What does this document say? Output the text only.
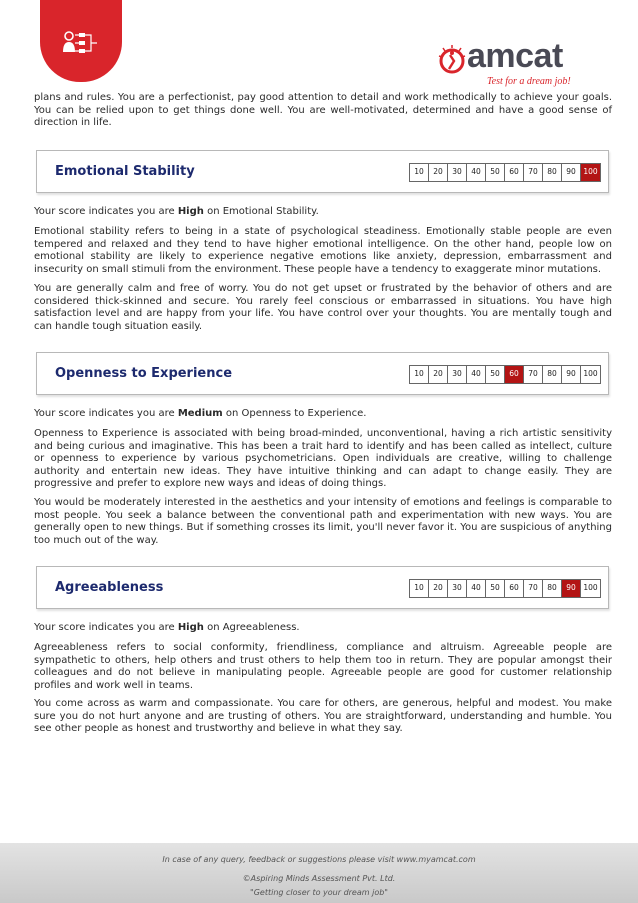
amcat
Test for a dream job!

plans and rules. You are a perfectionist, pay good attention to detail and work methodically to achieve your goals. You can be relied upon to get things done well. You are well-motivated, determined and have a good sense of direction in life.

Emotional Stability	10	20	30	40	50	60	70	80	90	100

Your score indicates you are High on Emotional Stability.

Emotional stability refers to being in a state of psychological steadiness. Emotionally stable people are even tempered and relaxed and they tend to have higher emotional intelligence. On the other hand, people low on emotional stability are likely to experience negative emotions like anxiety, depression, embarrassment and insecurity on small stimuli from the environment. These people have a tendency to exaggerate minor mutations.

You are generally calm and free of worry. You do not get upset or frustrated by the behavior of others and are considered thick-skinned and secure. You rarely feel conscious or embarrassed in situations. You have high satisfaction level and are happy from your life. You have control over your thoughts. You are mentally tough and can handle tough situation easily.

Openness to Experience	10	20	30	40	50	60	70	80	90	100

Your score indicates you are Medium on Openness to Experience.

Openness to Experience is associated with being broad-minded, unconventional, having a rich artistic sensitivity and being curious and imaginative. This has been a trait hard to identify and has been called as intellect, culture or openness to experience by various psychometricians. Open individuals are creative, willing to challenge authority and entertain new ideas. They have intuitive thinking and can adapt to change easily. They are progressive and prefer to explore new ways and ideas of doing things.

You would be moderately interested in the aesthetics and your intensity of emotions and feelings is comparable to most people. You seek a balance between the conventional path and experimentation with new ways. You are generally open to new things. But if something crosses its limit, you'll never favor it. You are suspicious of anything too much out of the way.

Agreeableness	10	20	30	40	50	60	70	80	90	100

Your score indicates you are High on Agreeableness.

Agreeableness refers to social conformity, friendliness, compliance and altruism. Agreeable people are sympathetic to others, help others and trust others to help them too in return. They are popular amongst their colleagues and do not believe in manipulating people. Agreeable people are good for customer relationship profiles and work well in teams.

You come across as warm and compassionate. You care for others, are generous, helpful and modest. You make sure you do not hurt anyone and are trusting of others. You are straightforward, understanding and humble. You see other people as honest and trustworthy and believe in what they say.

In case of any query, feedback or suggestions please visit www.myamcat.com
©Aspiring Minds Assessment Pvt. Ltd.
"Getting closer to your dream job"
